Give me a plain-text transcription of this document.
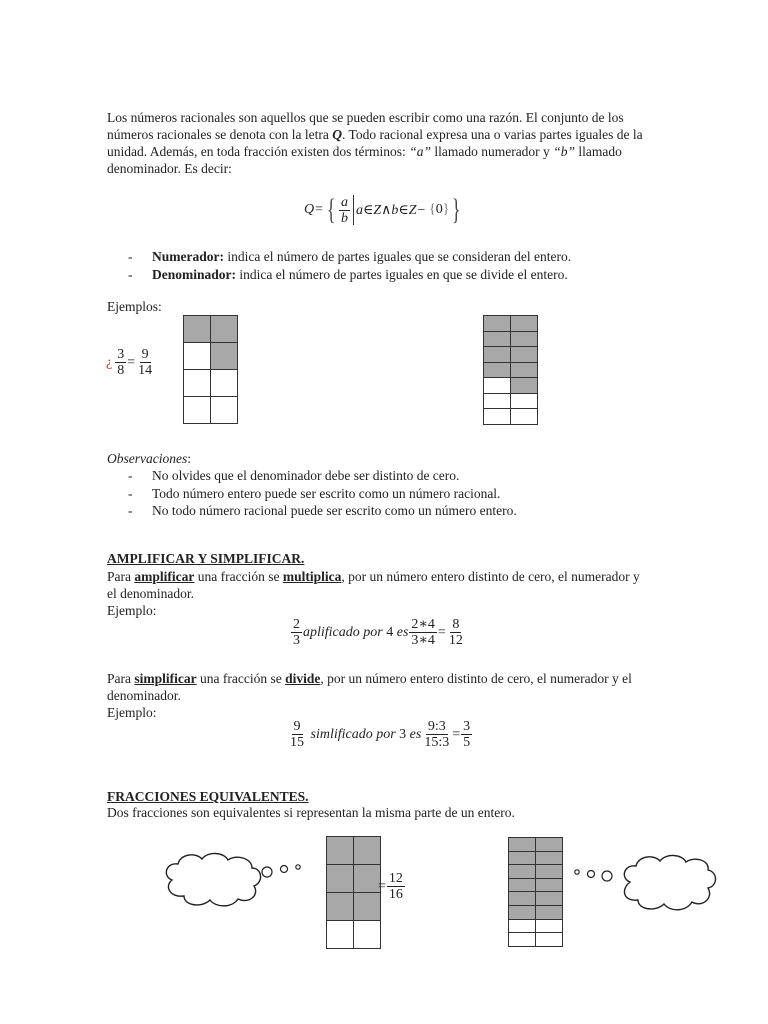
Los números racionales son aquellos que se pueden escribir como una razón. El conjunto de los
números racionales se denota con la letra Q. Todo racional expresa una o varias partes iguales de la
unidad. Además, en toda fracción existen dos términos: “a” llamado numerador y “b” llamado
denominador. Es decir:
Q= { $\frac{a}{b}$ a∈Z∧b∈Z− { 0 } }
- Numerador: indica el número de partes iguales que se consideran del entero.
- Denominador: indica el número de partes iguales en que se divide el entero.
Ejemplos:
¿ $\frac{3}{8} = \frac{9}{14}$
Observaciones:
- No olvides que el denominador debe ser distinto de cero.
- Todo número entero puede ser escrito como un número racional.
- No todo número racional puede ser escrito como un número entero.
AMPLIFICAR Y SIMPLIFICAR.
Para amplificar una fracción se multiplica, por un número entero distinto de cero, el numerador y
el denominador.
Ejemplo:
$\frac{2}{3}$ aplificado por
4
es $\frac{2∗4}{3∗4} = \frac{8}{12}$
Para simplificar una fracción se divide, por un número entero distinto de cero, el numerador y el
denominador.
Ejemplo:
$\frac{9}{15}$
simlificado por
3
es $\frac{9:3}{15:3} = \frac{3}{5}$
FRACCIONES EQUIVALENTES.
Dos fracciones son equivalentes si representan la misma parte de un entero.
= $\frac{12}{16}$
